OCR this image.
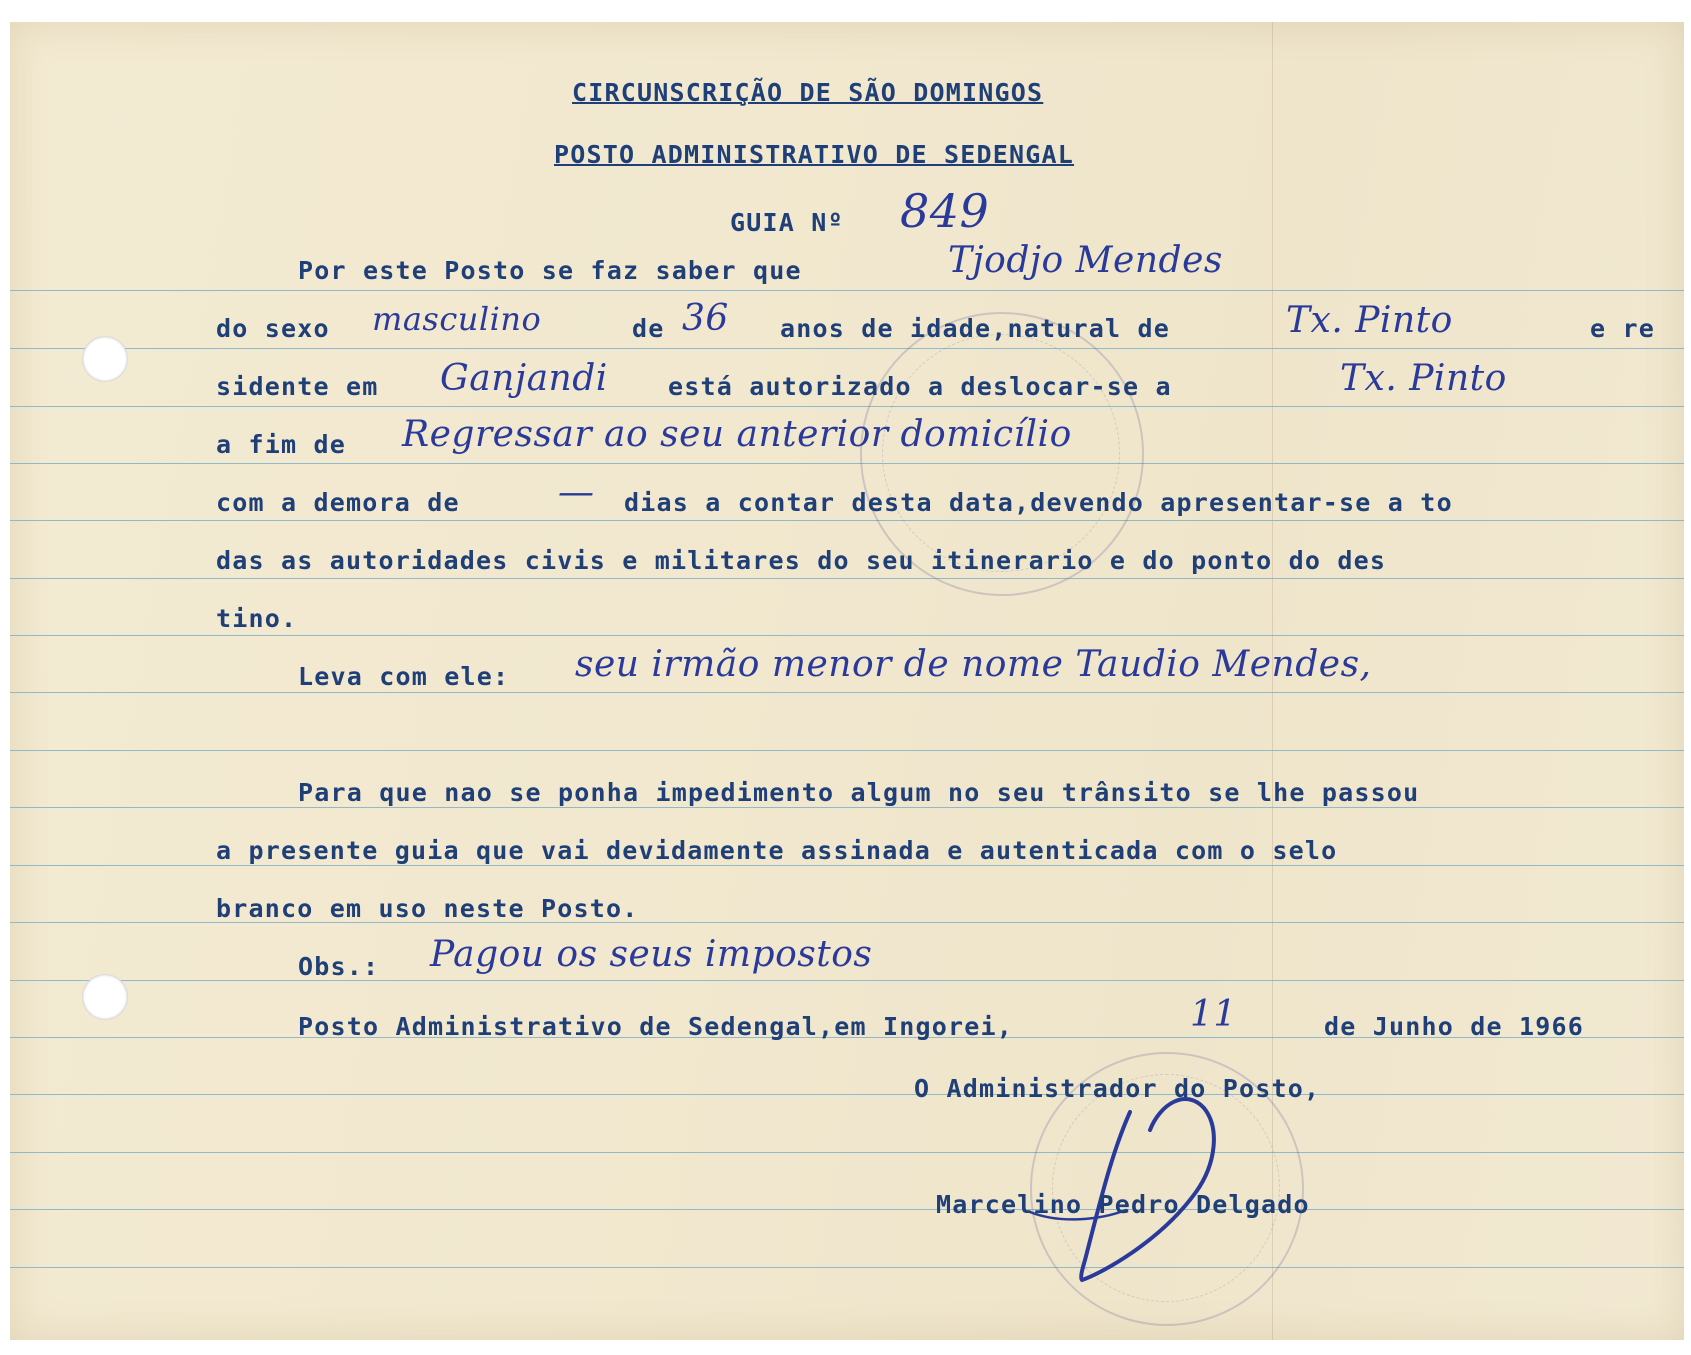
CIRCUNSCRIÇÃO DE SÃO DOMINGOS
POSTO ADMINISTRATIVO DE SEDENGAL
GUIA Nº 849
Por este Posto se faz saber que	Tjodjo Mendes
do sexo masculino	de 36 anos de idade,natural de	Tx. Pinto	e re
sidente em Ganjandi está autorizado a deslocar-se a	Tx. Pinto
a fim de Regressar ao seu anterior domicílio
com a demora de	— dias a contar desta data,devendo apresentar-se a to
das as autoridades civis e militares do seu itinerario e do ponto do des
tino.
Leva com ele: seu irmão menor de nome Taudio Mendes,
Para que nao se ponha impedimento algum no seu trânsito se lhe passou
a presente guia que vai devidamente assinada e autenticada com o selo
branco em uso neste Posto.
Obs.: Pagou os seus impostos
Posto Administrativo de Sedengal,em Ingorei,	11	de Junho de 1966
O Administrador do Posto,
Marcelino Pedro Delgado
